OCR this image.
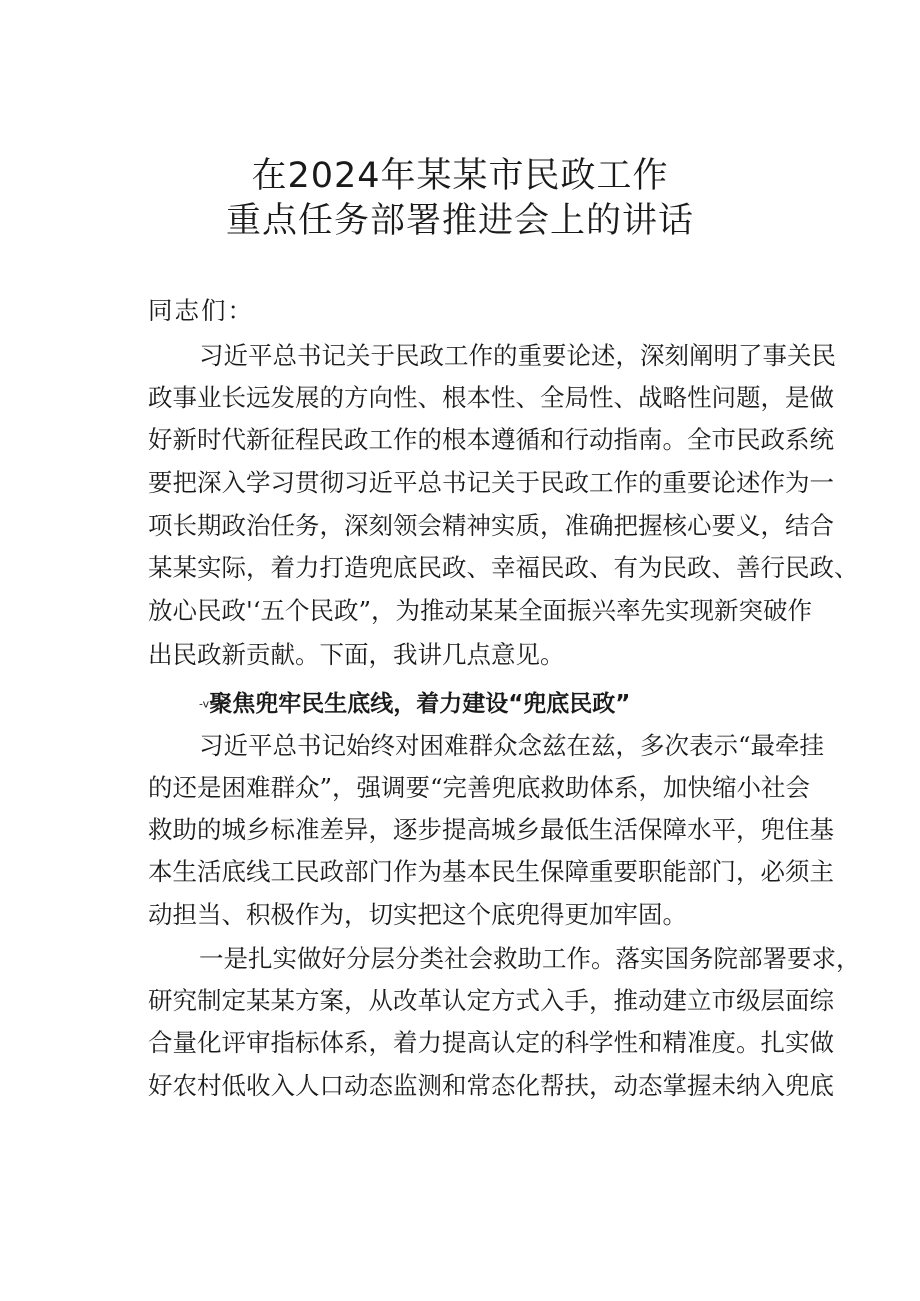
在2024年某某市民政工作
重点任务部署推进会上的讲话
同志们：
习近平总书记关于民政工作的重要论述，深刻阐明了事关民
政事业长远发展的方向性、根本性、全局性、战略性问题，是做
好新时代新征程民政工作的根本遵循和行动指南。全市民政系统
要把深入学习贯彻习近平总书记关于民政工作的重要论述作为一
项长期政治任务，深刻领会精神实质，准确把握核心要义，结合
某某实际，着力打造兜底民政、幸福民政、有为民政、善行民政、
放心民政'‘五个民政”，为推动某某全面振兴率先实现新突破作
出民政新贡献。下面，我讲几点意见。
-v聚焦兜牢民生底线，着力建设“兜底民政”
习近平总书记始终对困难群众念兹在兹，多次表示“最牵挂
的还是困难群众”，强调要“完善兜底救助体系，加快缩小社会
救助的城乡标准差异，逐步提高城乡最低生活保障水平，兜住基
本生活底线工民政部门作为基本民生保障重要职能部门，必须主
动担当、积极作为，切实把这个底兜得更加牢固。
一是扎实做好分层分类社会救助工作。落实国务院部署要求，
研究制定某某方案，从改革认定方式入手，推动建立市级层面综
合量化评审指标体系，着力提高认定的科学性和精准度。扎实做
好农村低收入人口动态监测和常态化帮扶，动态掌握未纳入兜底
